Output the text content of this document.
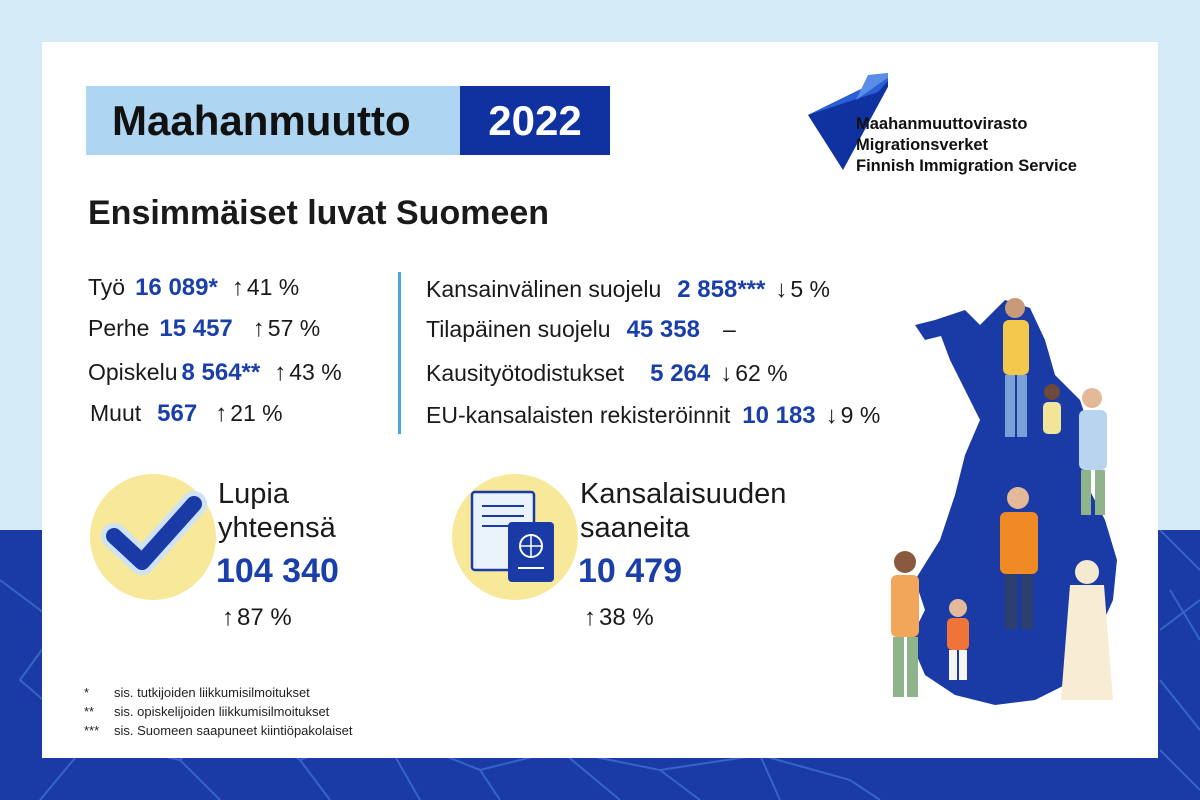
Maahanmuutto	2022	Maahanmuuttovirasto
Migrationsverket
Finnish Immigration Service
Ensimmäiset luvat Suomeen
Työ 16 089* ↑ 41 %
Perhe 15 457 ↑ 57 %
Opiskelu 8 564** ↑ 43 %
Muut 567 ↑ 21 %
Kansainvälinen suojelu 2 858*** ↓ 5 %
Tilapäinen suojelu 45 358 –
Kausityötodistukset 5 264 ↓ 62 %
EU-kansalaisten rekisteröinnit 10 183 ↓ 9 %
Lupia
yhteensä
104 340
↑ 87 %
Kansalaisuuden
saaneita
10 479
↑ 38 %
*	sis. tutkijoiden liikkumisilmoitukset
**	sis. opiskelijoiden liikkumisilmoitukset
***	sis. Suomeen saapuneet kiintiöpakolaiset
